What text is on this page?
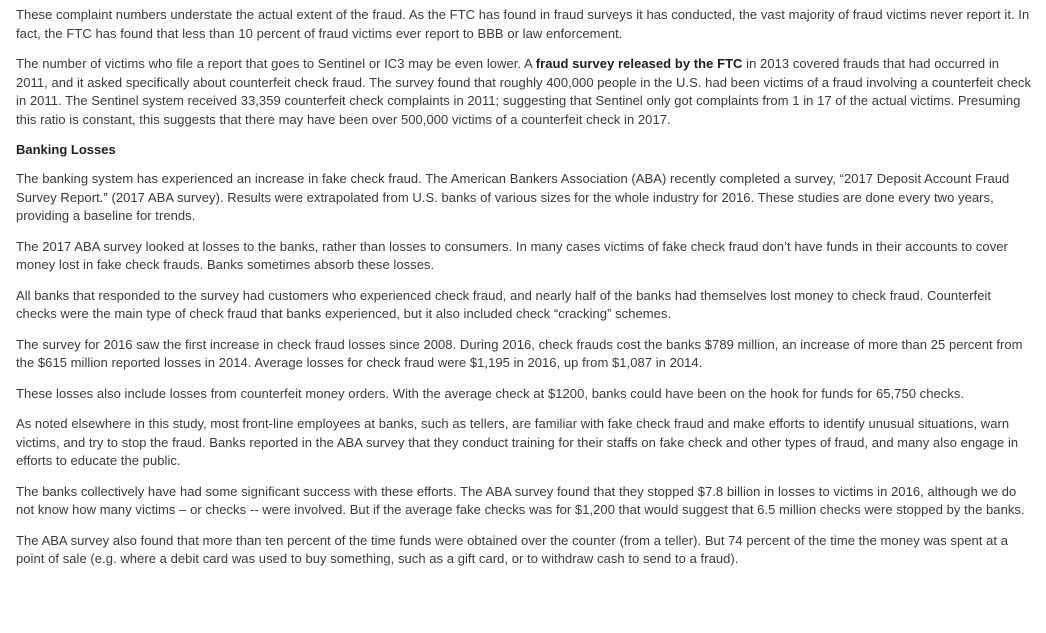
These complaint numbers understate the actual extent of the fraud. As the FTC has found in fraud surveys it has conducted, the vast majority of fraud victims never report it. In fact, the FTC has found that less than 10 percent of fraud victims ever report to BBB or law enforcement.

The number of victims who file a report that goes to Sentinel or IC3 may be even lower. A fraud survey released by the FTC in 2013 covered frauds that had occurred in 2011, and it asked specifically about counterfeit check fraud. The survey found that roughly 400,000 people in the U.S. had been victims of a fraud involving a counterfeit check in 2011. The Sentinel system received 33,359 counterfeit check complaints in 2011; suggesting that Sentinel only got complaints from 1 in 17 of the actual victims. Presuming this ratio is constant, this suggests that there may have been over 500,000 victims of a counterfeit check in 2017.

Banking Losses

The banking system has experienced an increase in fake check fraud. The American Bankers Association (ABA) recently completed a survey, “2017 Deposit Account Fraud Survey Report.” (2017 ABA survey). Results were extrapolated from U.S. banks of various sizes for the whole industry for 2016. These studies are done every two years, providing a baseline for trends.

The 2017 ABA survey looked at losses to the banks, rather than losses to consumers. In many cases victims of fake check fraud don’t have funds in their accounts to cover money lost in fake check frauds. Banks sometimes absorb these losses.

All banks that responded to the survey had customers who experienced check fraud, and nearly half of the banks had themselves lost money to check fraud. Counterfeit checks were the main type of check fraud that banks experienced, but it also included check “cracking” schemes.

The survey for 2016 saw the first increase in check fraud losses since 2008. During 2016, check frauds cost the banks $789 million, an increase of more than 25 percent from the $615 million reported losses in 2014. Average losses for check fraud were $1,195 in 2016, up from $1,087 in 2014.

These losses also include losses from counterfeit money orders. With the average check at $1200, banks could have been on the hook for funds for 65,750 checks.

As noted elsewhere in this study, most front-line employees at banks, such as tellers, are familiar with fake check fraud and make efforts to identify unusual situations, warn victims, and try to stop the fraud. Banks reported in the ABA survey that they conduct training for their staffs on fake check and other types of fraud, and many also engage in efforts to educate the public.

The banks collectively have had some significant success with these efforts. The ABA survey found that they stopped $7.8 billion in losses to victims in 2016, although we do not know how many victims – or checks -- were involved. But if the average fake checks was for $1,200 that would suggest that 6.5 million checks were stopped by the banks.

The ABA survey also found that more than ten percent of the time funds were obtained over the counter (from a teller). But 74 percent of the time the money was spent at a point of sale (e.g. where a debit card was used to buy something, such as a gift card, or to withdraw cash to send to a fraud).
